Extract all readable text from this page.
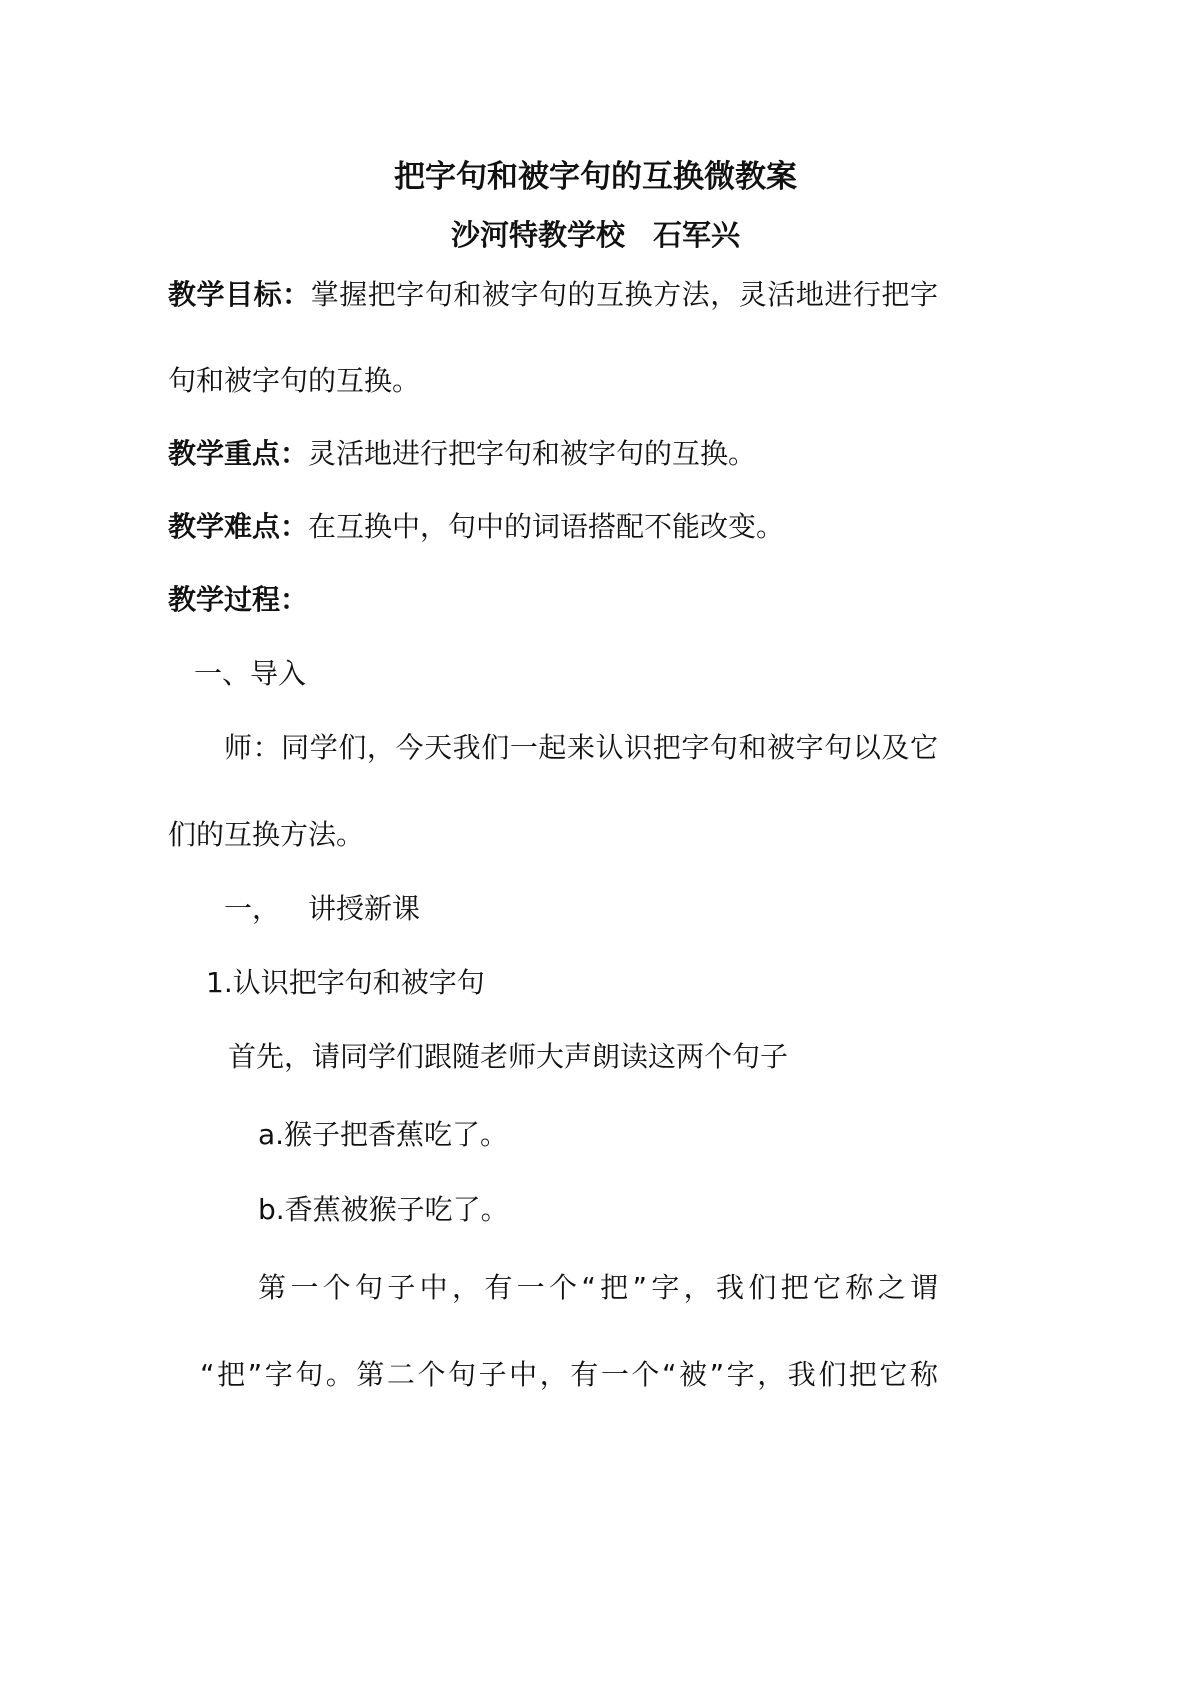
把字句和被字句的互换微教案
沙河特教学校 石军兴
教学目标：掌握把字句和被字句的互换方法，灵活地进行把字
句和被字句的互换。
教学重点：灵活地进行把字句和被字句的互换。
教学难点：在互换中，句中的词语搭配不能改变。
教学过程：
一、导入
师：同学们，今天我们一起来认识把字句和被字句以及它
们的互换方法。
一， 讲授新课
1.认识把字句和被字句
首先，请同学们跟随老师大声朗读这两个句子
a.猴子把香蕉吃了。
b.香蕉被猴子吃了。
第一个句子中，有一个“把”字，我们把它称之谓
“把”字句。第二个句子中，有一个“被”字，我们把它称
